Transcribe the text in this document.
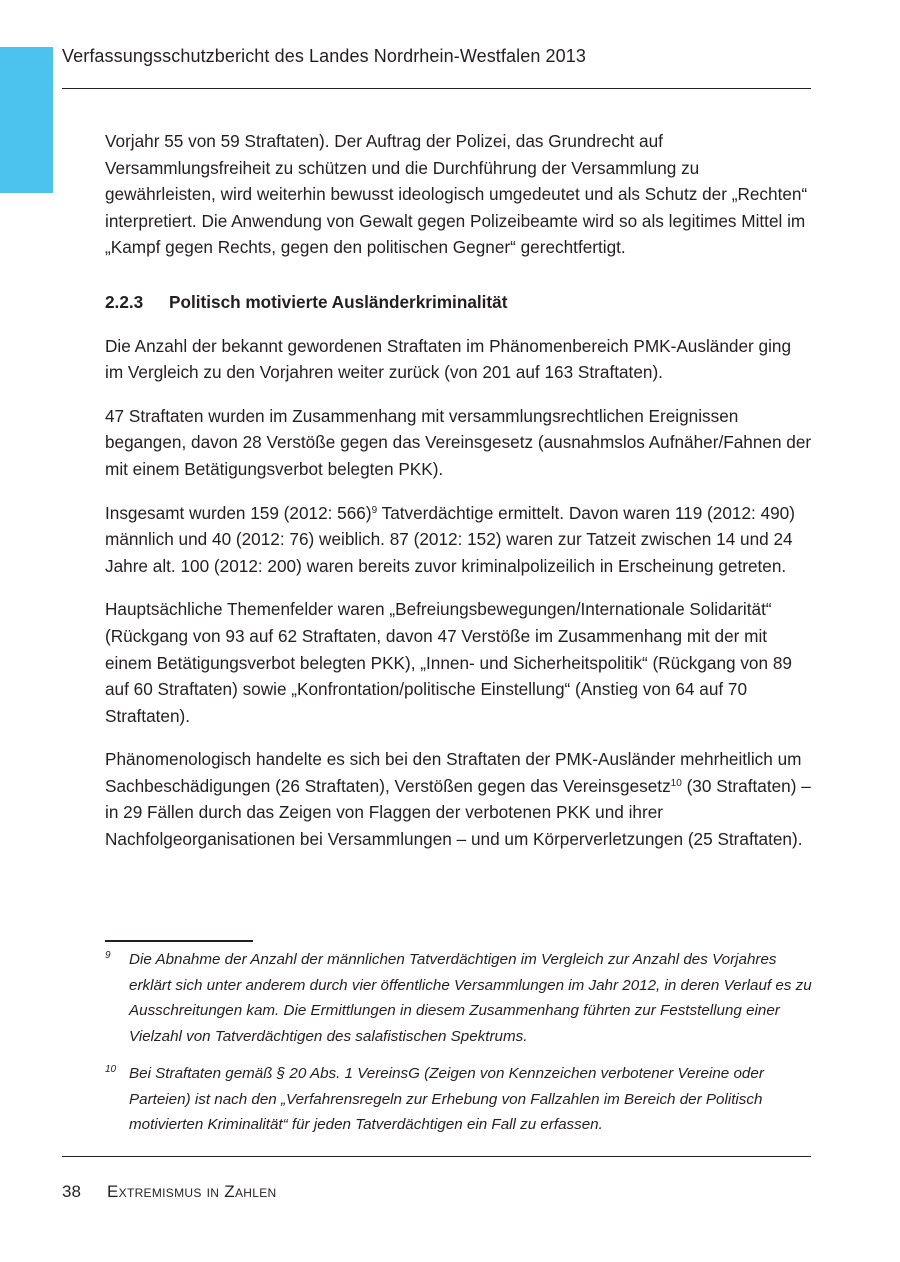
Verfassungsschutzbericht des Landes Nordrhein-Westfalen 2013

Vorjahr 55 von 59 Straftaten). Der Auftrag der Polizei, das Grundrecht auf Versammlungsfreiheit zu schützen und die Durchführung der Versammlung zu gewährleisten, wird weiterhin bewusst ideologisch umgedeutet und als Schutz der „Rechten“ interpretiert. Die Anwendung von Gewalt gegen Polizeibeamte wird so als legitimes Mittel im „Kampf gegen Rechts, gegen den politischen Gegner“ gerechtfertigt.

2.2.3 Politisch motivierte Ausländerkriminalität

Die Anzahl der bekannt gewordenen Straftaten im Phänomenbereich PMK-Ausländer ging im Vergleich zu den Vorjahren weiter zurück (von 201 auf 163 Straftaten).

47 Straftaten wurden im Zusammenhang mit versammlungsrechtlichen Ereignissen begangen, davon 28 Verstöße gegen das Vereinsgesetz (ausnahmslos Aufnäher/Fahnen der mit einem Betätigungsverbot belegten PKK).

Insgesamt wurden 159 (2012: 566)$^9$ Tatverdächtige ermittelt. Davon waren 119 (2012: 490) männlich und 40 (2012: 76) weiblich. 87 (2012: 152) waren zur Tatzeit zwischen 14 und 24 Jahre alt. 100 (2012: 200) waren bereits zuvor kriminalpolizeilich in Erscheinung getreten.

Hauptsächliche Themenfelder waren „Befreiungsbewegungen/Internationale Solidarität“ (Rückgang von 93 auf 62 Straftaten, davon 47 Verstöße im Zusammenhang mit der mit einem Betätigungsverbot belegten PKK), „Innen- und Sicherheitspolitik“ (Rückgang von 89 auf 60 Straftaten) sowie „Konfrontation/politische Einstellung“ (Anstieg von 64 auf 70 Straftaten).

Phänomenologisch handelte es sich bei den Straftaten der PMK-Ausländer mehrheitlich um Sachbeschädigungen (26 Straftaten), Verstößen gegen das Vereinsgesetz$^{10}$ (30 Straftaten) – in 29 Fällen durch das Zeigen von Flaggen der verbotenen PKK und ihrer Nachfolgeorganisationen bei Versammlungen – und um Körperverletzungen (25 Straftaten).

9 Die Abnahme der Anzahl der männlichen Tatverdächtigen im Vergleich zur Anzahl des Vorjahres erklärt sich unter anderem durch vier öffentliche Versammlungen im Jahr 2012, in deren Verlauf es zu Ausschreitungen kam. Die Ermittlungen in diesem Zusammenhang führten zur Feststellung einer Vielzahl von Tatverdächtigen des salafistischen Spektrums.

10 Bei Straftaten gemäß § 20 Abs. 1 VereinsG (Zeigen von Kennzeichen verbotener Vereine oder Parteien) ist nach den „Verfahrensregeln zur Erhebung von Fallzahlen im Bereich der Politisch motivierten Kriminalität“ für jeden Tatverdächtigen ein Fall zu erfassen.

38 Extremismus in Zahlen
